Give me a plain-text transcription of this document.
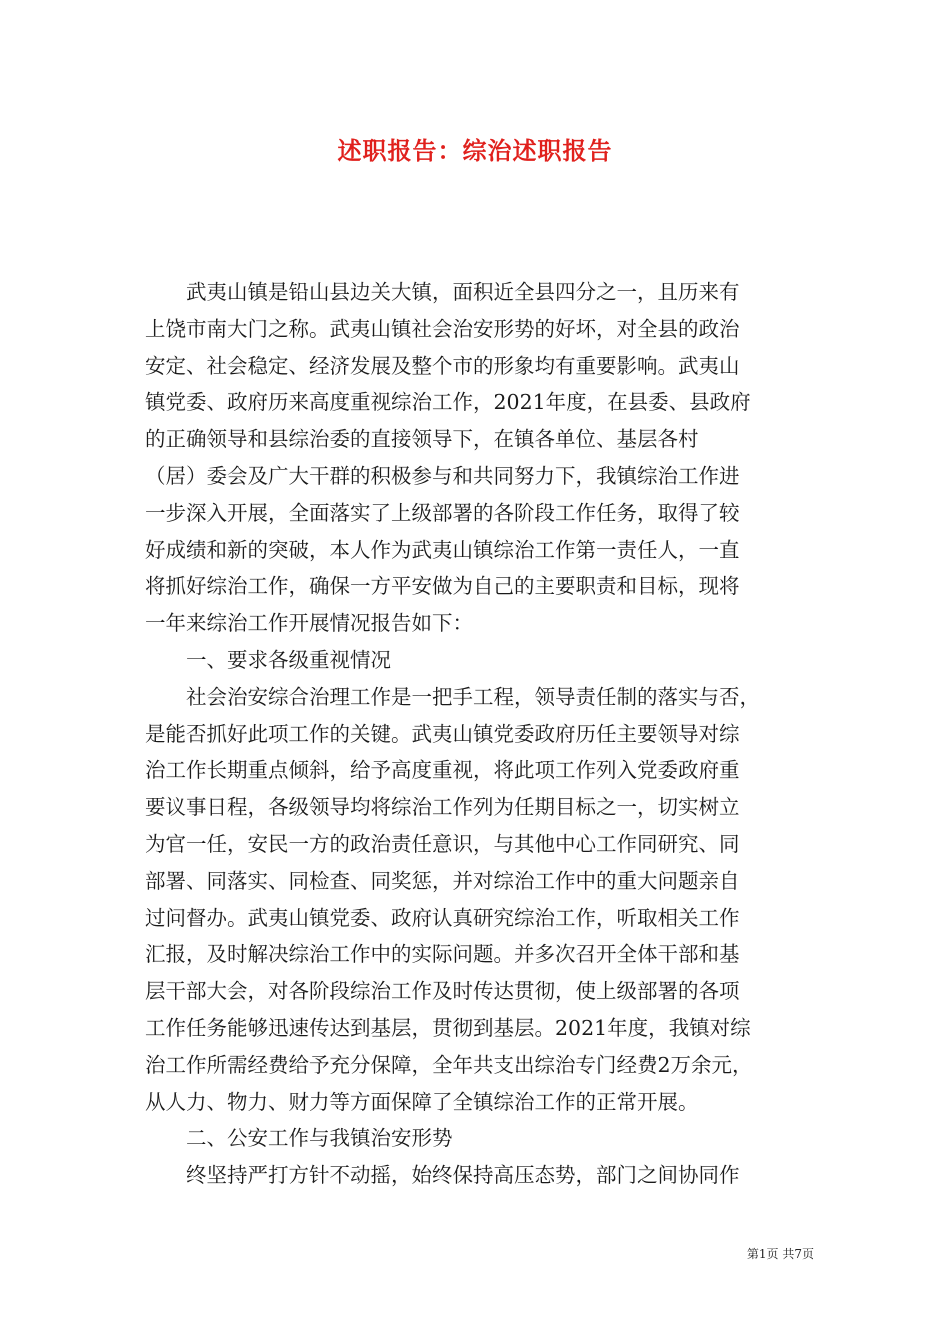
述职报告：综治述职报告

武夷山镇是铅山县边关大镇，面积近全县四分之一，且历来有
上饶市南大门之称。武夷山镇社会治安形势的好坏，对全县的政治
安定、社会稳定、经济发展及整个市的形象均有重要影响。武夷山
镇党委、政府历来高度重视综治工作，2021年度，在县委、县政府
的正确领导和县综治委的直接领导下，在镇各单位、基层各村
（居）委会及广大干群的积极参与和共同努力下，我镇综治工作进
一步深入开展，全面落实了上级部署的各阶段工作任务，取得了较
好成绩和新的突破，本人作为武夷山镇综治工作第一责任人，一直
将抓好综治工作，确保一方平安做为自己的主要职责和目标，现将
一年来综治工作开展情况报告如下：

一、要求各级重视情况

社会治安综合治理工作是一把手工程，领导责任制的落实与否，
是能否抓好此项工作的关键。武夷山镇党委政府历任主要领导对综
治工作长期重点倾斜，给予高度重视，将此项工作列入党委政府重
要议事日程，各级领导均将综治工作列为任期目标之一，切实树立
为官一任，安民一方的政治责任意识，与其他中心工作同研究、同
部署、同落实、同检查、同奖惩，并对综治工作中的重大问题亲自
过问督办。武夷山镇党委、政府认真研究综治工作，听取相关工作
汇报，及时解决综治工作中的实际问题。并多次召开全体干部和基
层干部大会，对各阶段综治工作及时传达贯彻，使上级部署的各项
工作任务能够迅速传达到基层，贯彻到基层。2021年度，我镇对综
治工作所需经费给予充分保障，全年共支出综治专门经费2万余元，
从人力、物力、财力等方面保障了全镇综治工作的正常开展。

二、公安工作与我镇治安形势

终坚持严打方针不动摇，始终保持高压态势，部门之间协同作

第1页 共7页
